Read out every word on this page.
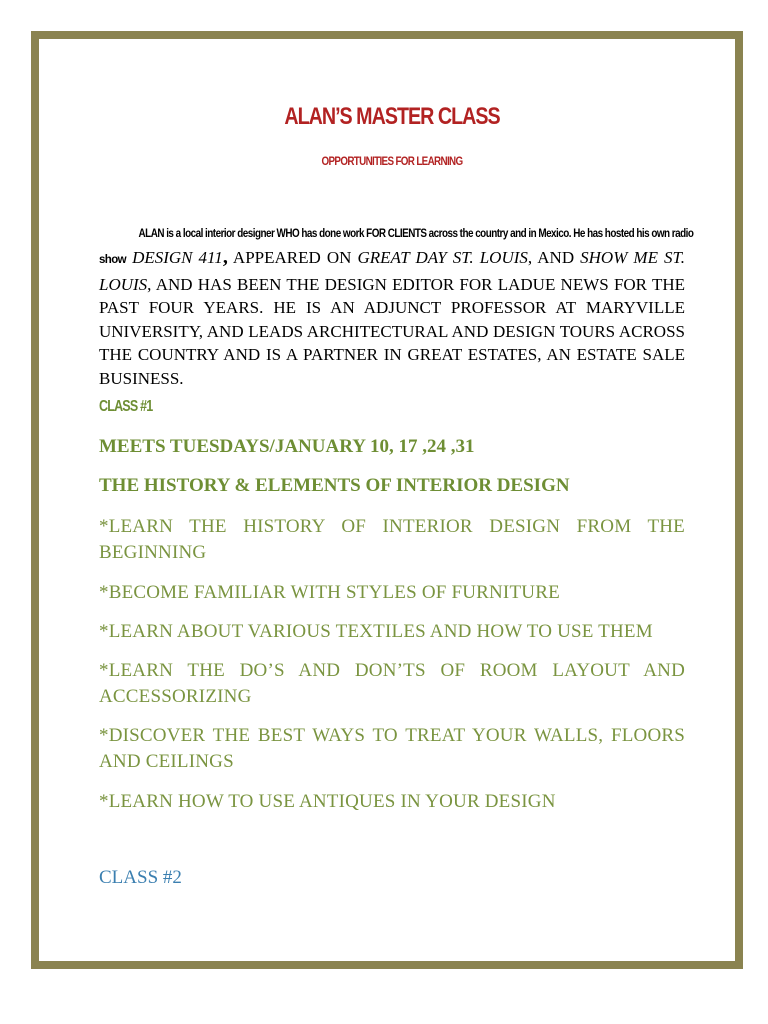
ALAN’S MASTER CLASS
OPPORTUNITIES FOR LEARNING
ALAN is a local interior designer WHO has done work FOR CLIENTS across the country and in Mexico. He has hosted his own radio
show DESIGN 411, APPEARED ON GREAT DAY ST. LOUIS, AND SHOW ME ST. LOUIS, AND HAS BEEN THE DESIGN EDITOR FOR LADUE NEWS FOR THE PAST FOUR YEARS. HE IS AN ADJUNCT PROFESSOR AT MARYVILLE UNIVERSITY, AND LEADS ARCHITECTURAL AND DESIGN TOURS ACROSS THE COUNTRY AND IS A PARTNER IN GREAT ESTATES, AN ESTATE SALE BUSINESS.
CLASS #1
MEETS TUESDAYS/JANUARY 10, 17 ,24 ,31
THE HISTORY & ELEMENTS OF INTERIOR DESIGN
*LEARN THE HISTORY OF INTERIOR DESIGN FROM THE BEGINNING
*BECOME FAMILIAR WITH STYLES OF FURNITURE
*LEARN ABOUT VARIOUS TEXTILES AND HOW TO USE THEM
*LEARN THE DO’S AND DON’TS OF ROOM LAYOUT AND ACCESSORIZING
*DISCOVER THE BEST WAYS TO TREAT YOUR WALLS, FLOORS AND CEILINGS
*LEARN HOW TO USE ANTIQUES IN YOUR DESIGN
CLASS #2
